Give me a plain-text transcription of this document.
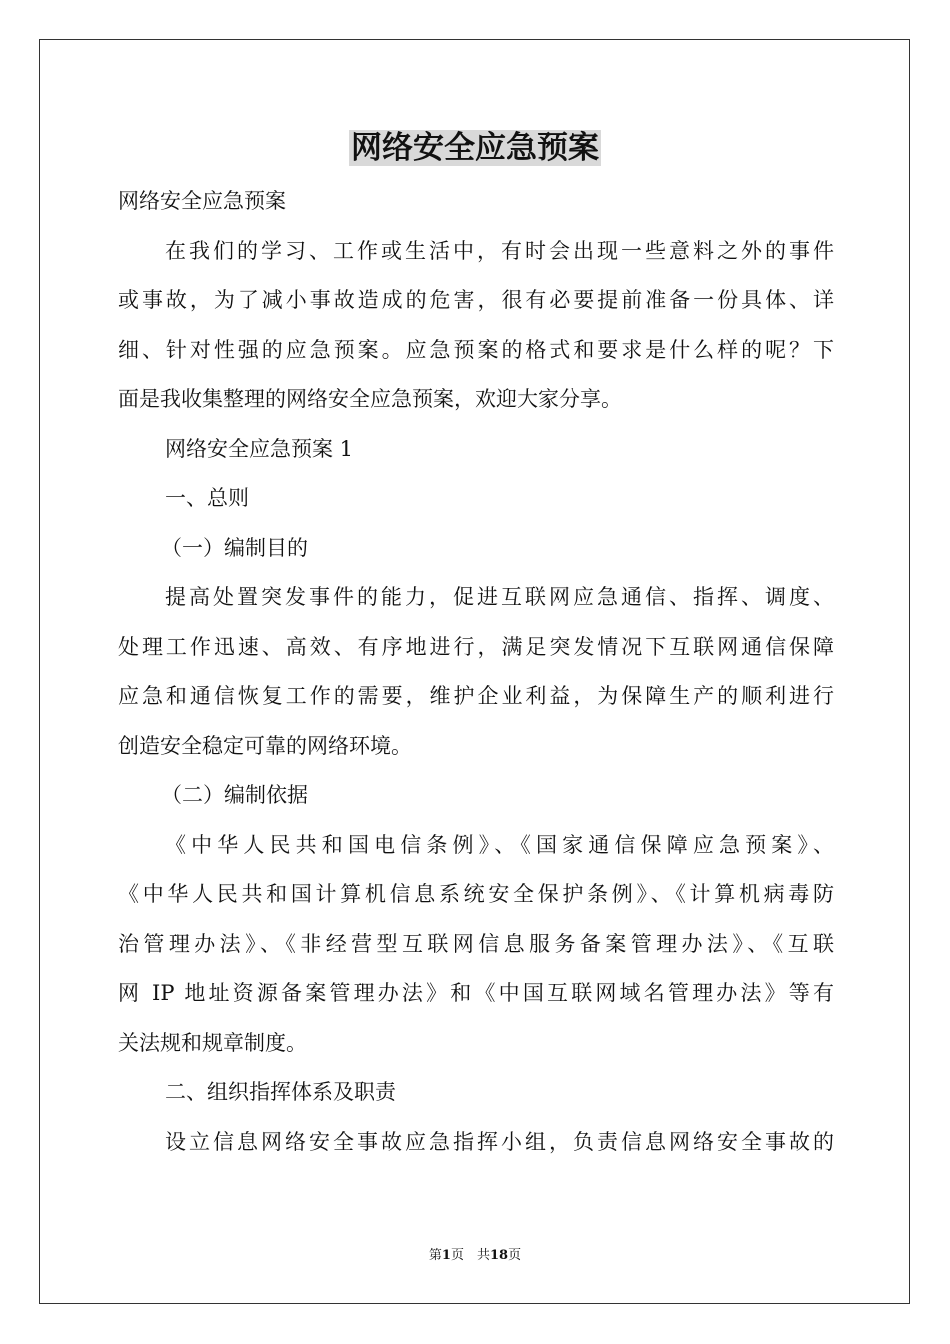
网络安全应急预案

网络安全应急预案

在我们的学习、工作或生活中，有时会出现一些意料之外的事件

或事故，为了减小事故造成的危害，很有必要提前准备一份具体、详

细、针对性强的应急预案。应急预案的格式和要求是什么样的呢？下

面是我收集整理的网络安全应急预案，欢迎大家分享。

网络安全应急预案 1

一、总则

（一）编制目的

提高处置突发事件的能力，促进互联网应急通信、指挥、调度、

处理工作迅速、高效、有序地进行，满足突发情况下互联网通信保障

应急和通信恢复工作的需要，维护企业利益，为保障生产的顺利进行

创造安全稳定可靠的网络环境。

（二）编制依据

《中华人民共和国电信条例》、《国家通信保障应急预案》、

《中华人民共和国计算机信息系统安全保护条例》、《计算机病毒防

治管理办法》、《非经营型互联网信息服务备案管理办法》、《互联

网 IP 地址资源备案管理办法》和《中国互联网域名管理办法》等有

关法规和规章制度。

二、组织指挥体系及职责

设立信息网络安全事故应急指挥小组，负责信息网络安全事故的

第1页　共18页
